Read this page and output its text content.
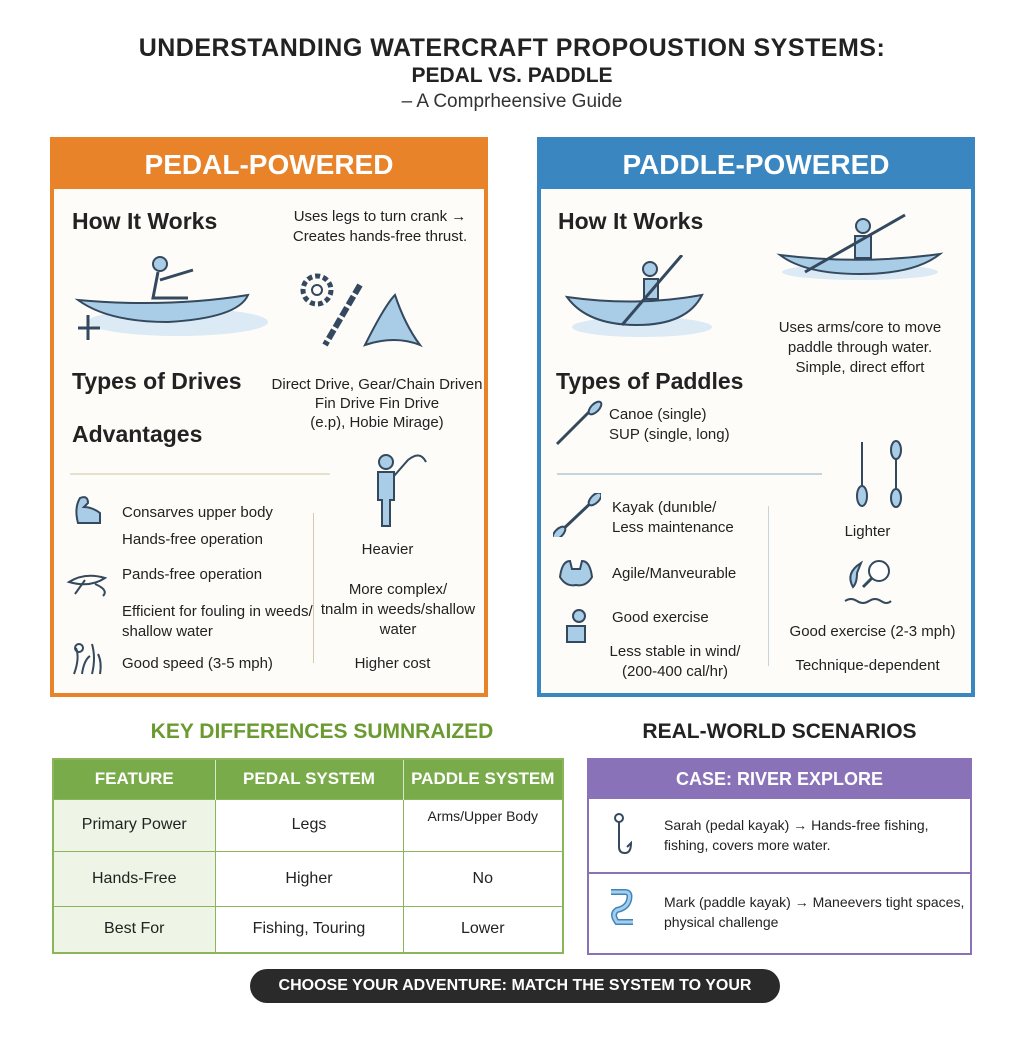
UNDERSTANDING WATERCRAFT PROPOUSTION SYSTEMS:
PEDAL VS. PADDLE
– A Comprhеensive Guide
PEDAL-POWERED
How It Works	Uses legs to turn crank →
Creates hands-free thrust.
Types of Drives	Direct Drive, Gear/Chain Driven
Fin Drive Fin Drive
(e.p), Hobie Mirage)
Advantages
Consarves upper body
Hands-free operation
Pands-free operation
Efficient for fouling in weeds/
shallow water
Good speed (3-5 mph)
Heavier
More complex/
tnalm in weeds/shallow
water
Higher cost
PADDLE-POWERED
How It Works
Uses arms/core to move
paddle through water.
Simple, direct effort
Types of Paddles
Canoe (single)
SUP (single, long)
Kayak (dunıble/
Less maintenance
Agile/Manveurable
Good exercise
Less stable in wind/
(200-400 cal/hr)
Lighter
Good exercise (2-3 mph)
Technique-dependent
KEY DIFFERENCES SUMNRAIZED
FEATURE	PEDAL SYSTEM	PADDLE SYSTEM
Primary Power	Legs	Arms/Upper Body
Hands-Free	Higher	No
Best For	Fishing, Touring	Lower
REAL-WORLD SCENARIOS
CASE: RIVER EXPLORE
Sarah (pedal kayak) → Hands-free fishing,
fishing, covers more water.
Mark (paddle kayak) → Maneevers tight spaces,
physical challenge
CHOOSE YOUR ADVENTURE: MATCH THE SYSTEM TO YOUR STYLE!
